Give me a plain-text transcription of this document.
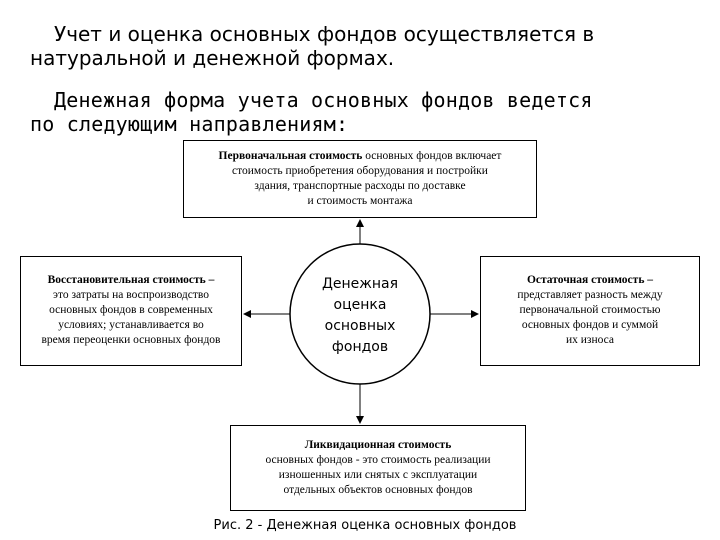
Учет и оценка основных фондов осуществляется в
натуральной и денежной формах.
Денежная форма учета основных фондов ведется
по следующим направлениям:
Денежная
оценка
основных
фондов
Первоначальная стоимость основных фондов включает
стоимость приобретения оборудования и постройки
здания, транспортные расходы по доставке
и стоимость монтажа
Восстановительная стоимость –
это затраты на воспроизводство
основных фондов в современных
условиях; устанавливается во
время переоценки основных фондов
Остаточная стоимость –
представляет разность между
первоначальной стоимостью
основных фондов и суммой
их износа
Ликвидационная стоимость
основных фондов - это стоимость реализации
изношенных или снятых с эксплуатации
отдельных объектов основных фондов
Рис. 2 - Денежная оценка основных фондов
